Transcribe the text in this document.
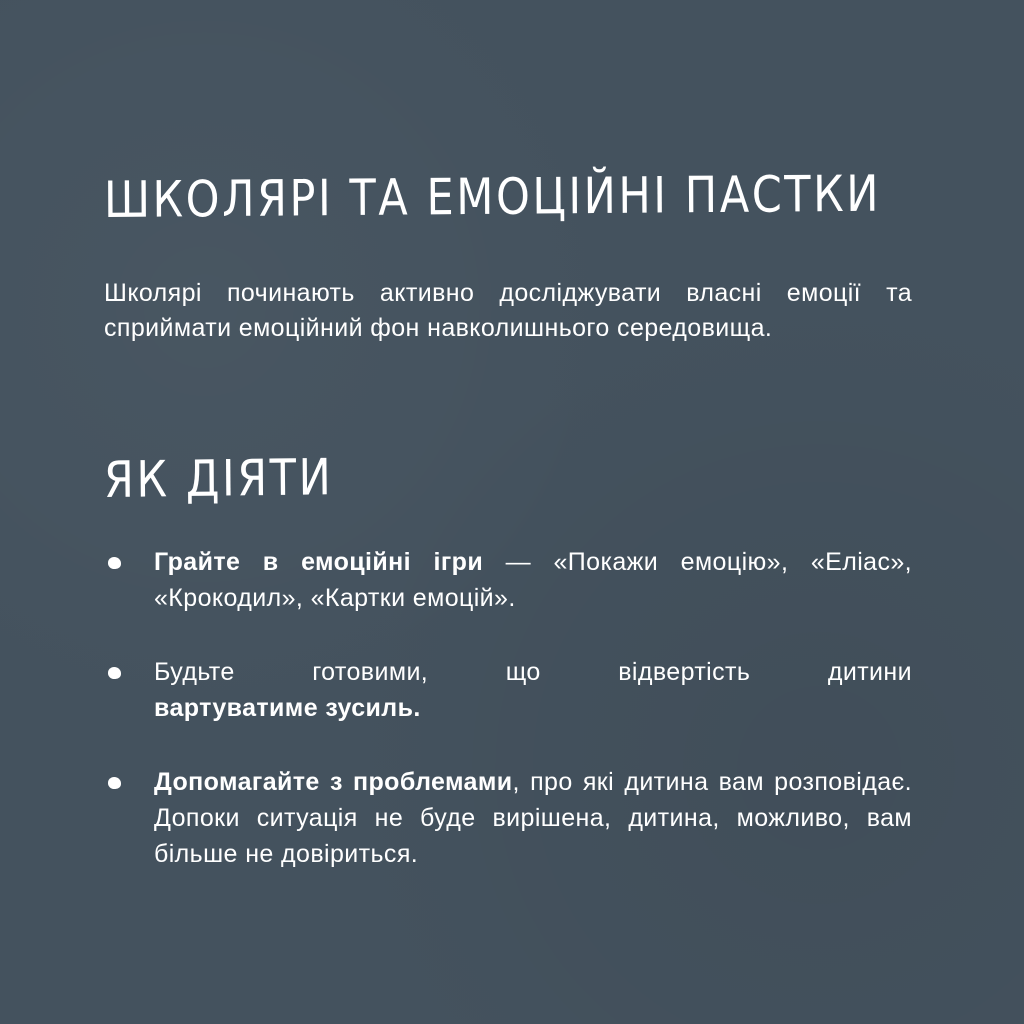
ШКОЛЯРІ ТА ЕМОЦІЙНІ ПАСТКИ

Школярі починають активно досліджувати власні емоції та сприймати емоційний фон навколишнього середовища.

ЯК ДІЯТИ
Грайте в емоційні ігри — «Покажи емоцію», «Еліас», «Крокодил», «Картки емоцій».
Будьте готовими, що відвертість дитини
вартуватиме зусиль.
Допомагайте з проблемами, про які дитина вам розповідає. Допоки ситуація не буде вирішена, дитина, можливо, вам більше не довіриться.
